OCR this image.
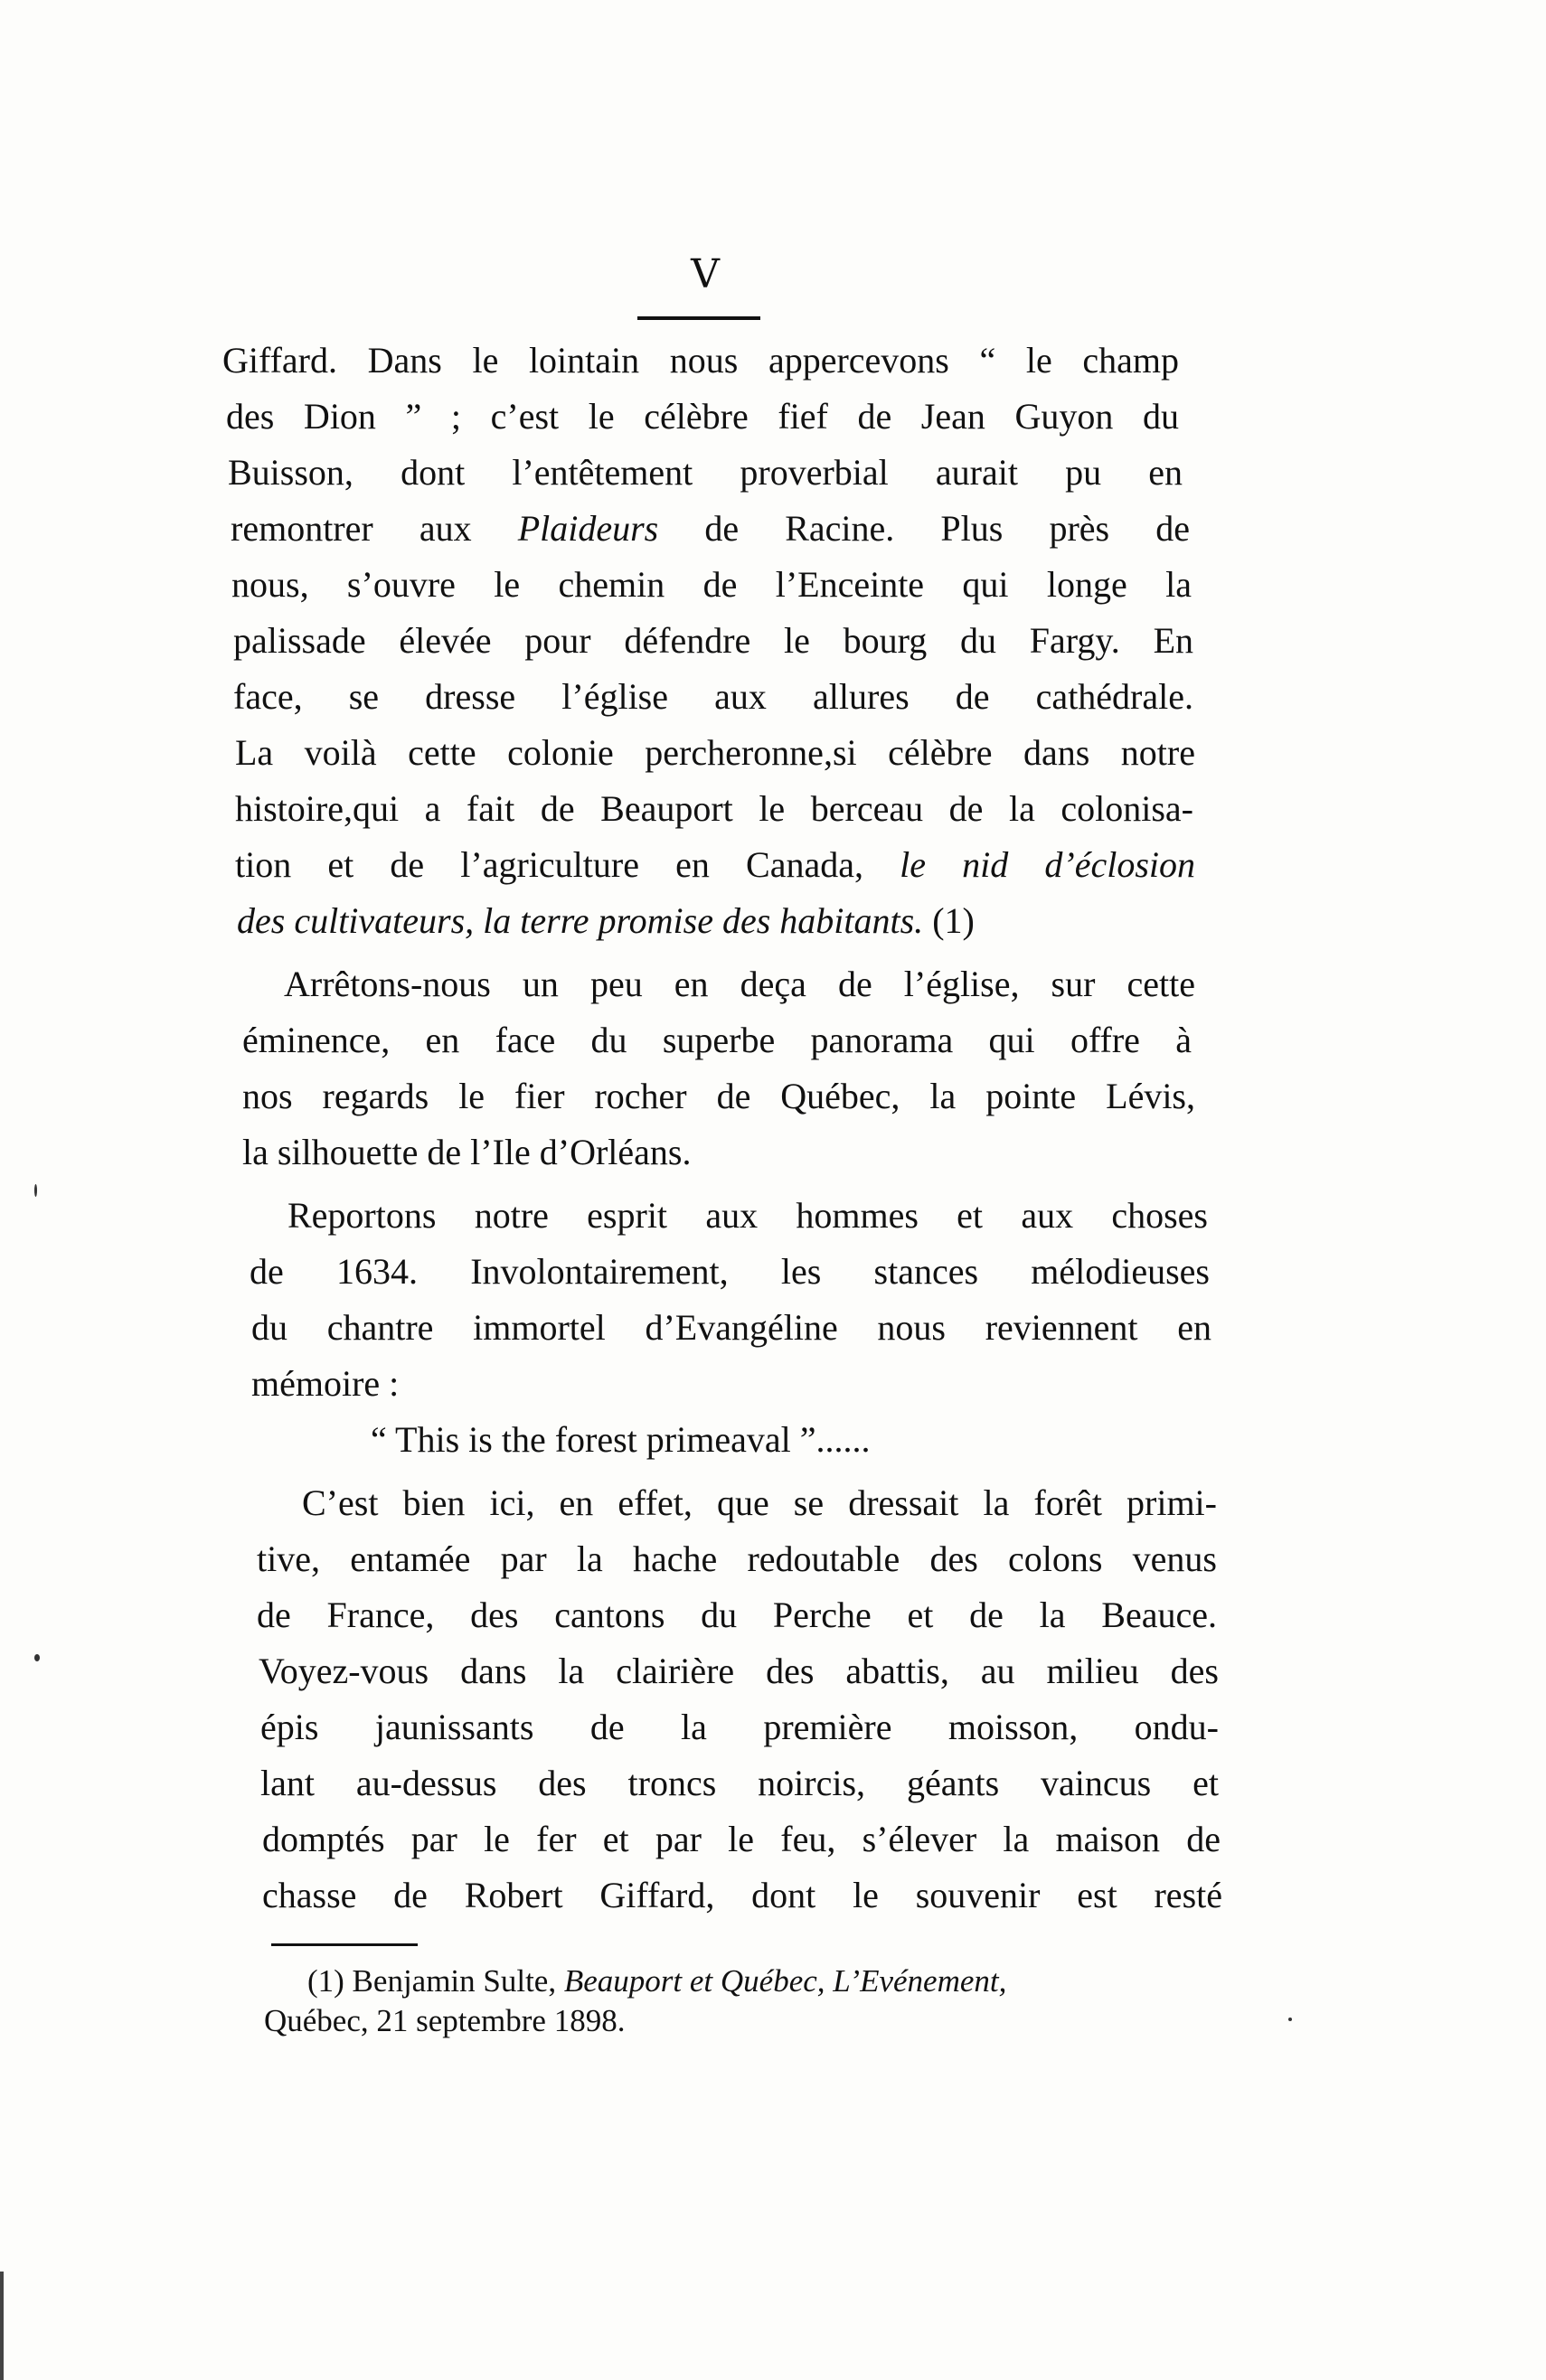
V
Giffard. Dans le lointain nous appercevons “ le champ
des Dion ” ; c’est le célèbre fief de Jean Guyon du
Buisson, dont l’entêtement proverbial aurait pu en
remontrer aux Plaideurs de Racine. Plus près de
nous, s’ouvre le chemin de l’Enceinte qui longe la
palissade élevée pour défendre le bourg du Fargy. En
face, se dresse l’église aux allures de cathédrale.
La voilà cette colonie percheronne,si célèbre dans notre
histoire,qui a fait de Beauport le berceau de la colonisa-
tion et de l’agriculture en Canada, le nid d’éclosion
des cultivateurs, la terre promise des habitants. (1)
Arrêtons-nous un peu en deça de l’église, sur cette
éminence, en face du superbe panorama qui offre à
nos regards le fier rocher de Québec, la pointe Lévis,
la silhouette de l’Ile d’Orléans.
Reportons notre esprit aux hommes et aux choses
de 1634. Involontairement, les stances mélodieuses
du chantre immortel d’Evangéline nous reviennent en
mémoire :
“ This is the forest primeaval ”......
C’est bien ici, en effet, que se dressait la forêt primi-
tive, entamée par la hache redoutable des colons venus
de France, des cantons du Perche et de la Beauce.
Voyez-vous dans la clairière des abattis, au milieu des
épis jaunissants de la première moisson, ondu-
lant au-dessus des troncs noircis, géants vaincus et
domptés par le fer et par le feu, s’élever la maison de
chasse de Robert Giffard, dont le souvenir est resté
(1) Benjamin Sulte, Beauport et Québec, L’Evénement,
Québec, 21 septembre 1898.
